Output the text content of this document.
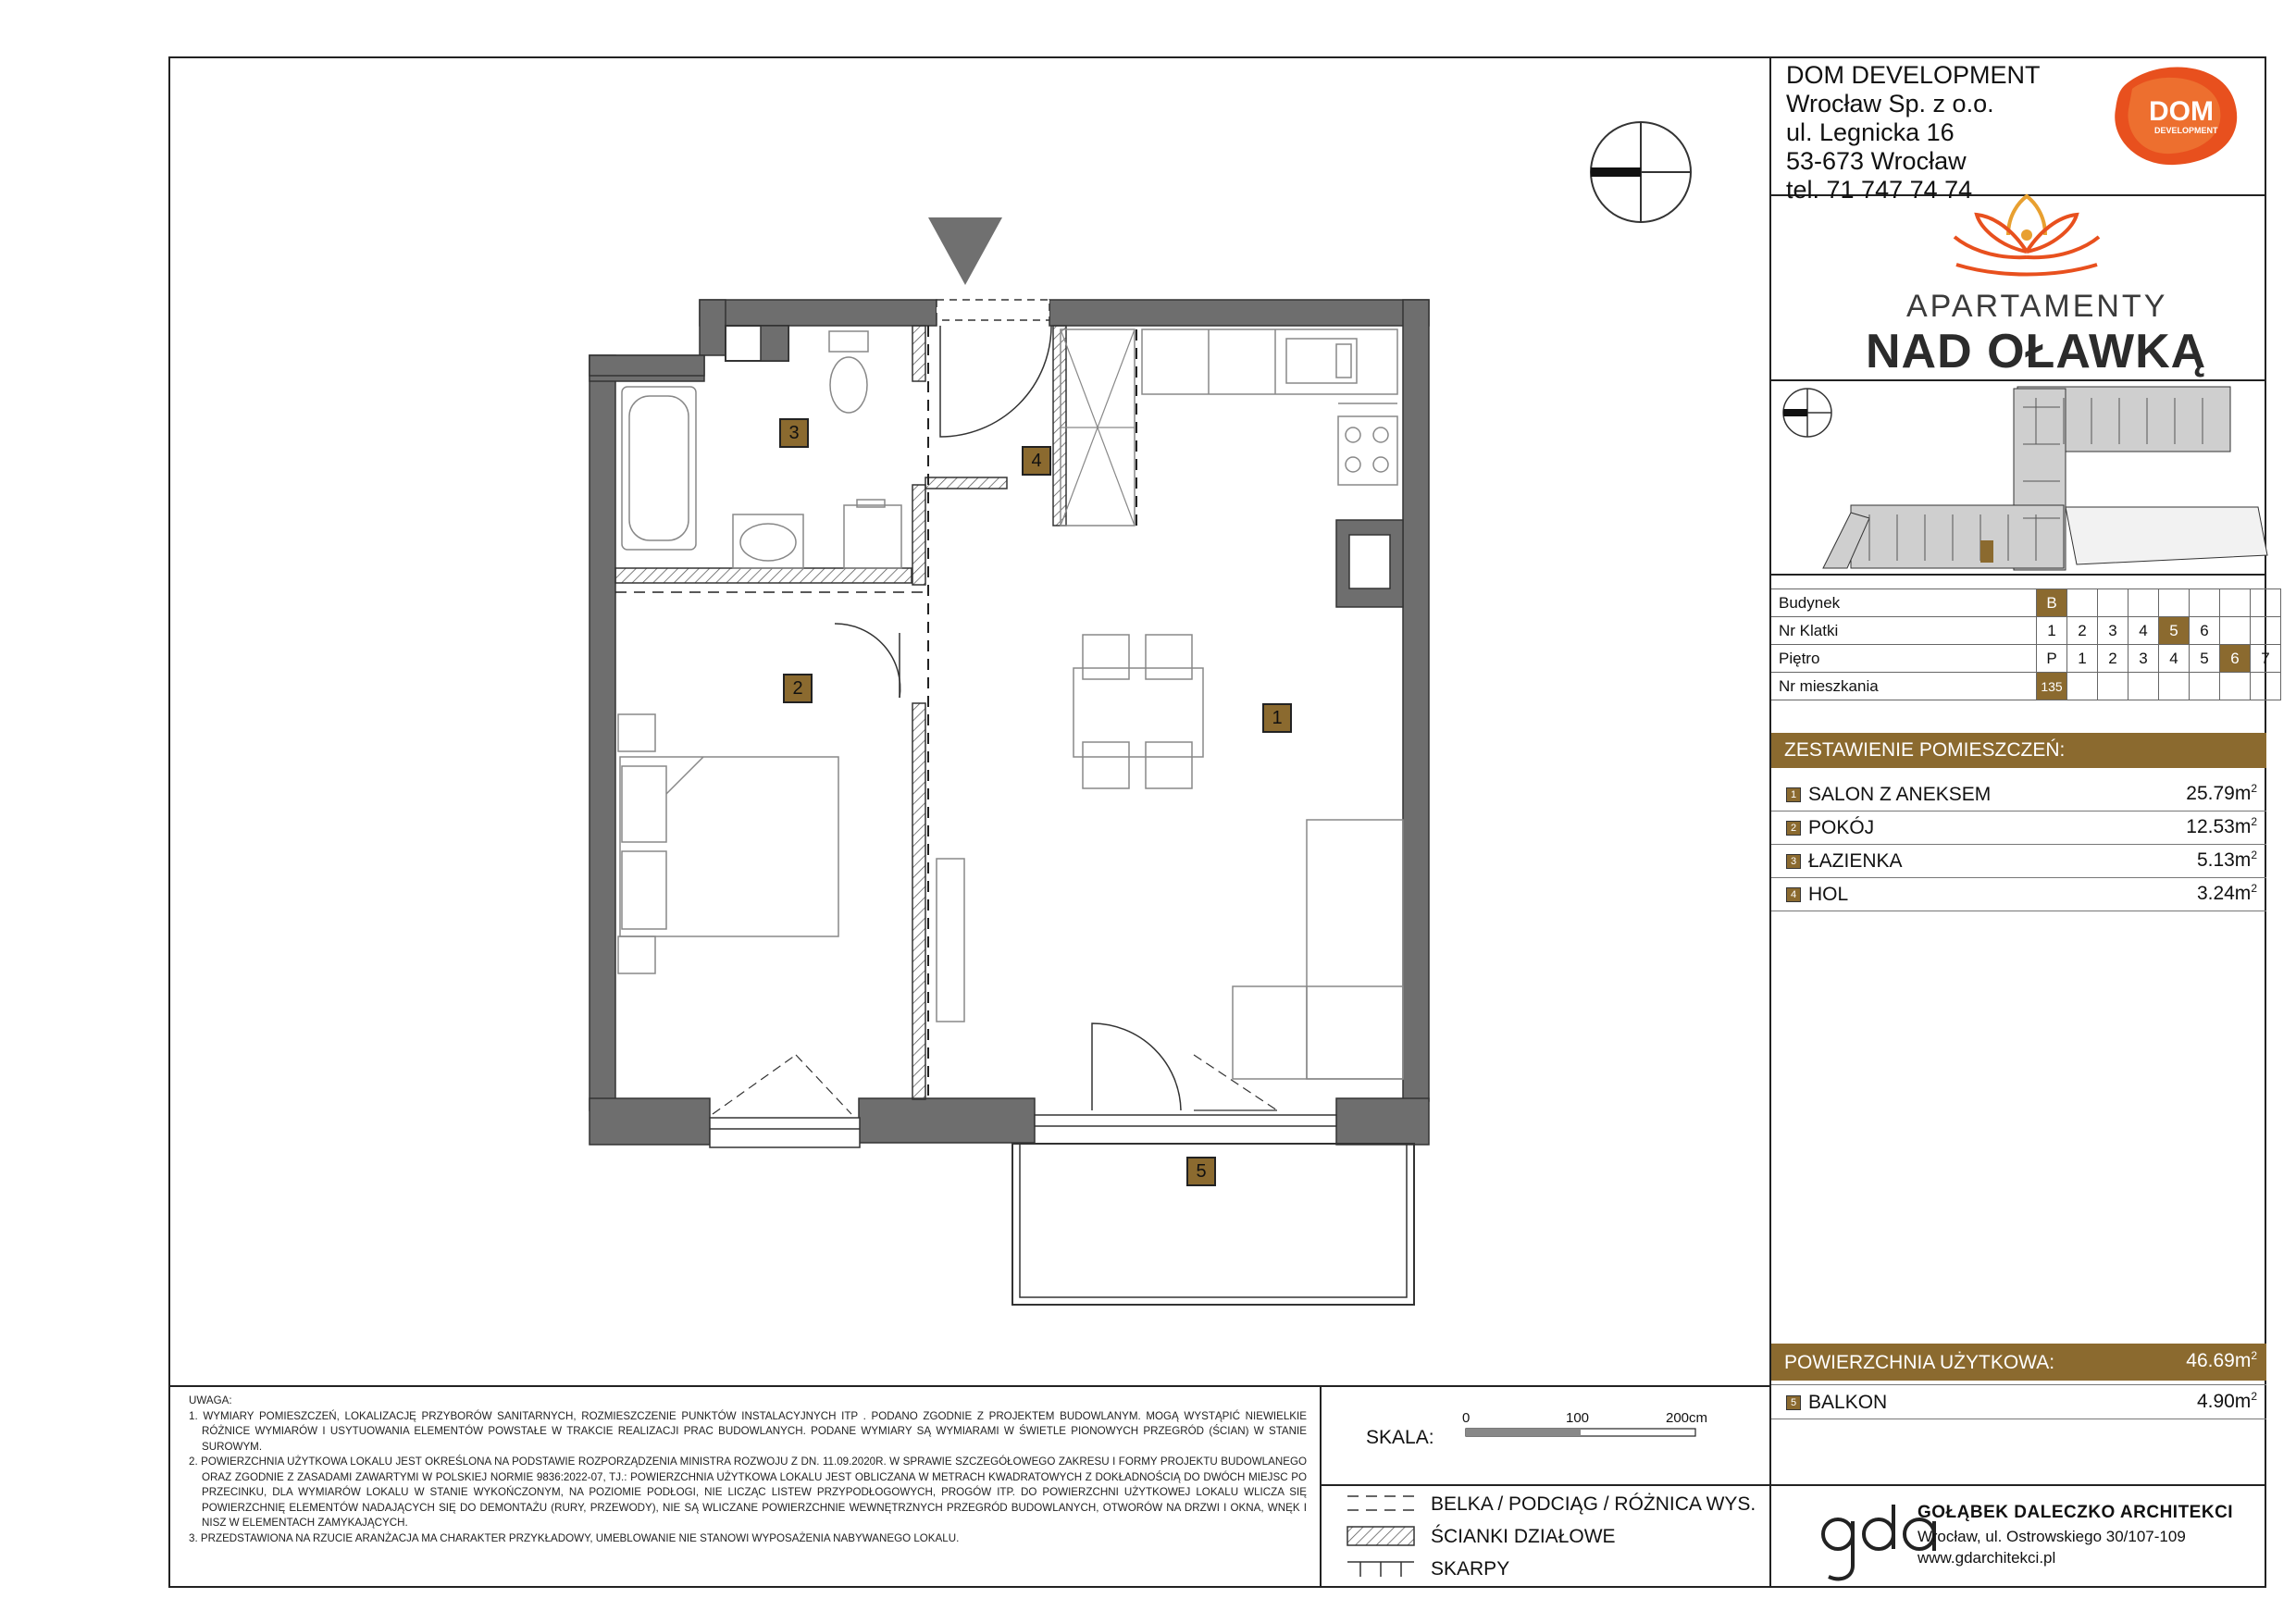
DOM DEVELOPMENT
Wrocław Sp. z o.o.
ul. Legnicka 16
53-673 Wrocław
tel. 71 747 74 74
DOM
DEVELOPMENT
APARTAMENTY
NAD OŁAWKĄ
Budynek	B							
Nr Klatki	1	2	3	4	5	6		
Piętro	P	1	2	3	4	5	6	7
Nr mieszkania	135							
ZESTAWIENIE POMIESZCZEŃ:
1 SALON Z ANEKSEM	$25.79m^2$
2 POKÓJ	$12.53m^2$
3 ŁAZIENKA	$5.13m^2$
4 HOL	$3.24m^2$
POWIERZCHNIA UŻYTKOWA:	$46.69m^2$
5 BALKON	$4.90m^2$
1
2
3
4
5
UWAGA:
1. WYMIARY POMIESZCZEŃ, LOKALIZACJĘ PRZYBORÓW SANITARNYCH, ROZMIESZCZENIE PUNKTÓW INSTALACYJNYCH ITP . PODANO ZGODNIE Z PROJEKTEM BUDOWLANYM. MOGĄ WYSTĄPIĆ NIEWIELKIE RÓŻNICE WYMIARÓW I USYTUOWANIA ELEMENTÓW POWSTAŁE W TRAKCIE REALIZACJI PRAC BUDOWLANYCH. PODANE WYMIARY SĄ WYMIARAMI W ŚWIETLE PIONOWYCH PRZEGRÓD (ŚCIAN) W STANIE SUROWYM.
2. POWIERZCHNIA UŻYTKOWA LOKALU JEST OKREŚLONA NA PODSTAWIE ROZPORZĄDZENIA MINISTRA ROZWOJU Z DN. 11.09.2020R. W SPRAWIE SZCZEGÓŁOWEGO ZAKRESU I FORMY PROJEKTU BUDOWLANEGO ORAZ ZGODNIE Z ZASADAMI ZAWARTYMI W POLSKIEJ NORMIE 9836:2022-07, TJ.: POWIERZCHNIA UŻYTKOWA LOKALU JEST OBLICZANA W METRACH KWADRATOWYCH Z DOKŁADNOŚCIĄ DO DWÓCH MIEJSC PO PRZECINKU, DLA WYMIARÓW LOKALU W STANIE WYKOŃCZONYM, NA POZIOMIE PODŁOGI, NIE LICZĄC LISTEW PRZYPODŁOGOWYCH, PROGÓW ITP. DO POWIERZCHNI UŻYTKOWEJ LOKALU WLICZA SIĘ POWIERZCHNIĘ ELEMENTÓW NADAJĄCYCH SIĘ DO DEMONTAŻU (RURY, PRZEWODY), NIE SĄ WLICZANE POWIERZCHNIE WEWNĘTRZNYCH PRZEGRÓD BUDOWLANYCH, OTWORÓW NA DRZWI I OKNA, WNĘK I NISZ W ELEMENTACH ZAMYKAJĄCYCH.
3. PRZEDSTAWIONA NA RZUCIE ARANŻACJA MA CHARAKTER PRZYKŁADOWY, UMEBLOWANIE NIE STANOWI WYPOSAŻENIA NABYWANEGO LOKALU.
SKALA:
0	100	200cm
BELKA / PODCIĄG / RÓŻNICA WYS.
ŚCIANKI DZIAŁOWE
SKARPY
GOŁĄBEK DALECZKO ARCHITEKCI
Wrocław, ul. Ostrowskiego 30/107-109
www.gdarchitekci.pl
